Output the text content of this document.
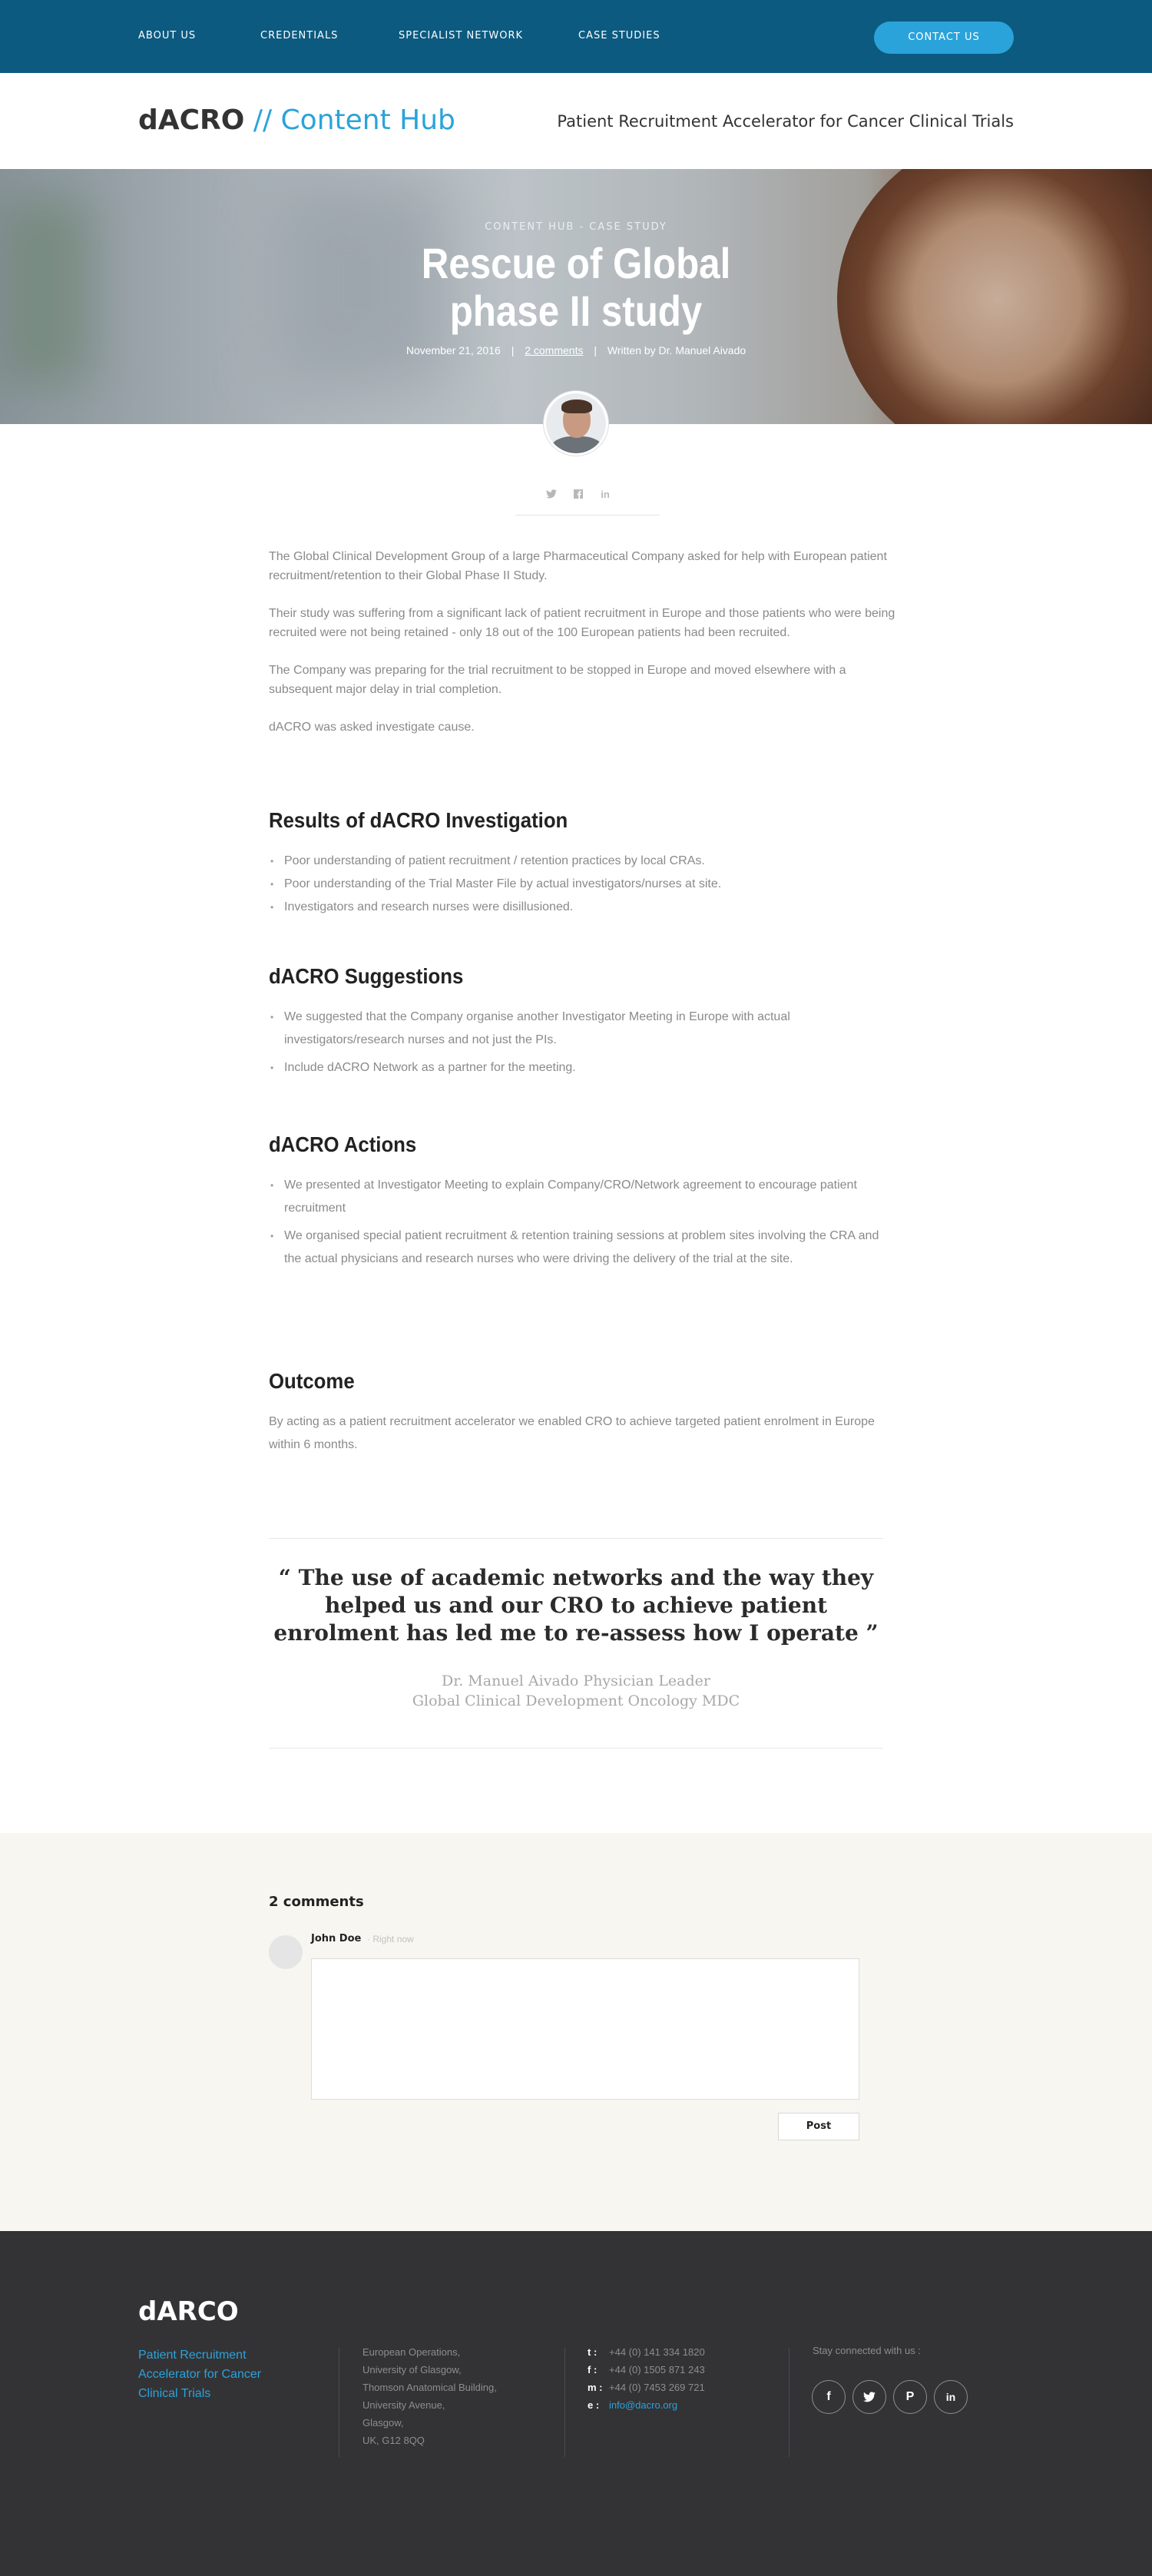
ABOUT US	CREDENTIALS	SPECIALIST NETWORK	CASE STUDIES	CONTACT US
dACRO // Content Hub	Patient Recruitment Accelerator for Cancer Clinical Trials
CONTENT HUB - CASE STUDY
Rescue of Global
phase II study
November 21, 2016 | 2 comments | Written by Dr. Manuel Aivado
in

The Global Clinical Development Group of a large Pharmaceutical Company asked for help with European patient recruitment/retention to their Global Phase II Study.

Their study was suffering from a significant lack of patient recruitment in Europe and those patients who were being recruited were not being retained - only 18 out of the 100 European patients had been recruited.

The Company was preparing for the trial recruitment to be stopped in Europe and moved elsewhere with a subsequent major delay in trial completion.

dACRO was asked investigate cause.

Results of dACRO Investigation
• Poor understanding of patient recruitment / retention practices by local CRAs.
• Poor understanding of the Trial Master File by actual investigators/nurses at site.
• Investigators and research nurses were disillusioned.
dACRO Suggestions
• We suggested that the Company organise another Investigator Meeting in Europe with actual investigators/research nurses and not just the PIs.
• Include dACRO Network as a partner for the meeting.
dACRO Actions
• We presented at Investigator Meeting to explain Company/CRO/Network agreement to encourage patient recruitment
• We organised special patient recruitment & retention training sessions at problem sites involving the CRA and the actual physicians and research nurses who were driving the delivery of the trial at the site.
Outcome

By acting as a patient recruitment accelerator we enabled CRO to achieve targeted patient enrolment in Europe within 6 months.

“ The use of academic networks and the way they helped us and our CRO to achieve patient enrolment has led me to re-assess how I operate ”
Dr. Manuel Aivado Physician Leader
Global Clinical Development Oncology MDC
2 comments
John Doe · Right now
Post
dARCO
Patient Recruitment Accelerator for Cancer Clinical Trials
European Operations,
University of Glasgow,
Thomson Anatomical Building,
University Avenue,
Glasgow,
UK, G12 8QQ
t : +44 (0) 141 334 1820
f : +44 (0) 1505 871 243
m : +44 (0) 7453 269 721
e : info@dacro.org
Stay connected with us :
f	P	in
